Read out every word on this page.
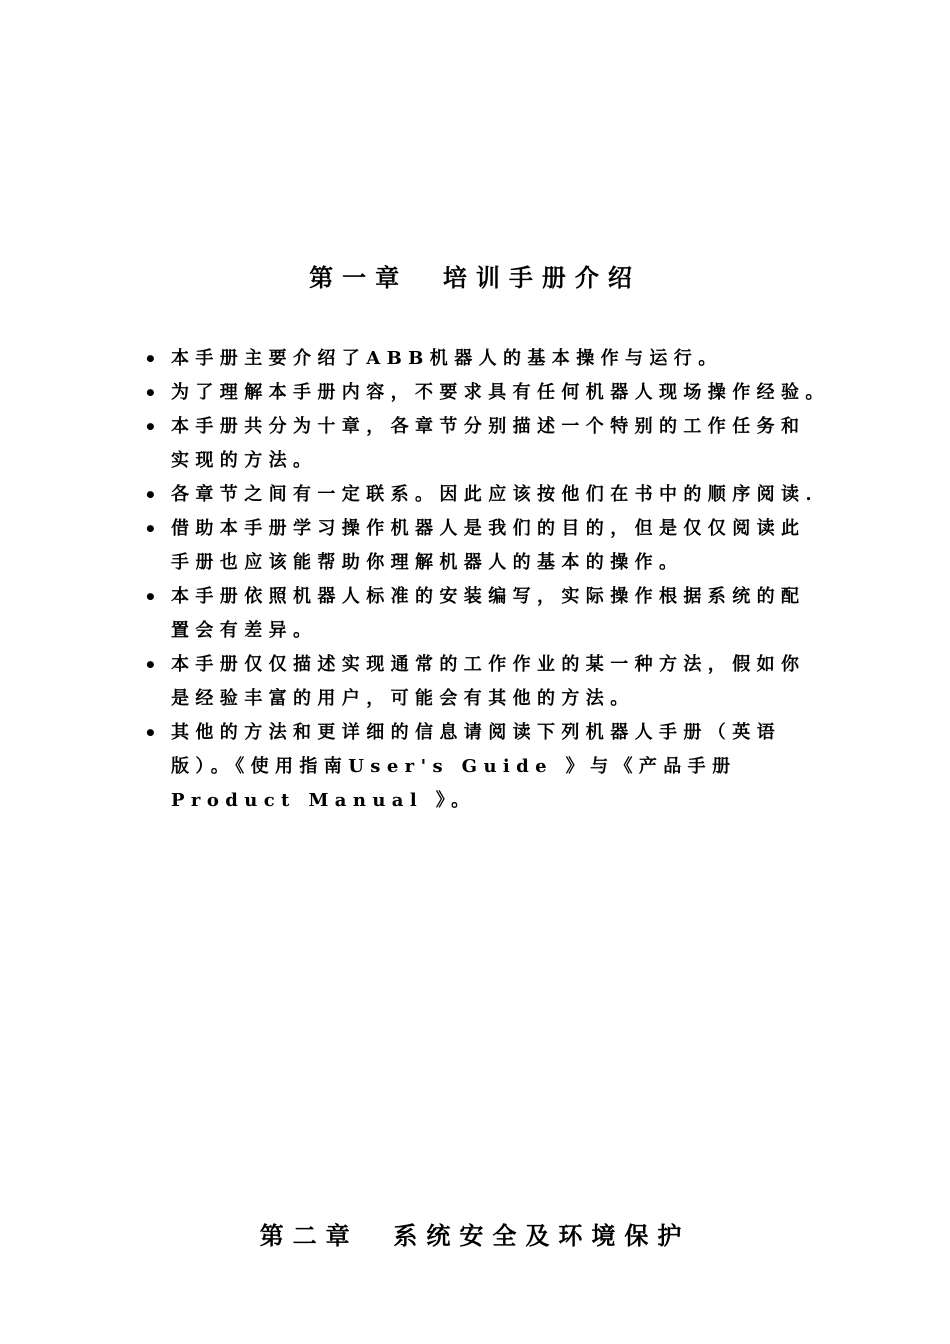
第一章  培训手册介绍
• 本手册主要介绍了ABB机器人的基本操作与运行。
• 为了理解本手册内容，不要求具有任何机器人现场操作经验。
• 本手册共分为十章，各章节分别描述一个特别的工作任务和
实现的方法。
• 各章节之间有一定联系。因此应该按他们在书中的顺序阅读.
• 借助本手册学习操作机器人是我们的目的，但是仅仅阅读此
手册也应该能帮助你理解机器人的基本的操作。
• 本手册依照机器人标准的安装编写，实际操作根据系统的配
置会有差异。
• 本手册仅仅描述实现通常的工作作业的某一种方法，假如你
是经验丰富的用户，可能会有其他的方法。
• 其他的方法和更详细的信息请阅读下列机器人手册（英语
版）。《使用指南User's Guide 》与《产品手册
Product Manual 》。
第二章  系统安全及环境保护
